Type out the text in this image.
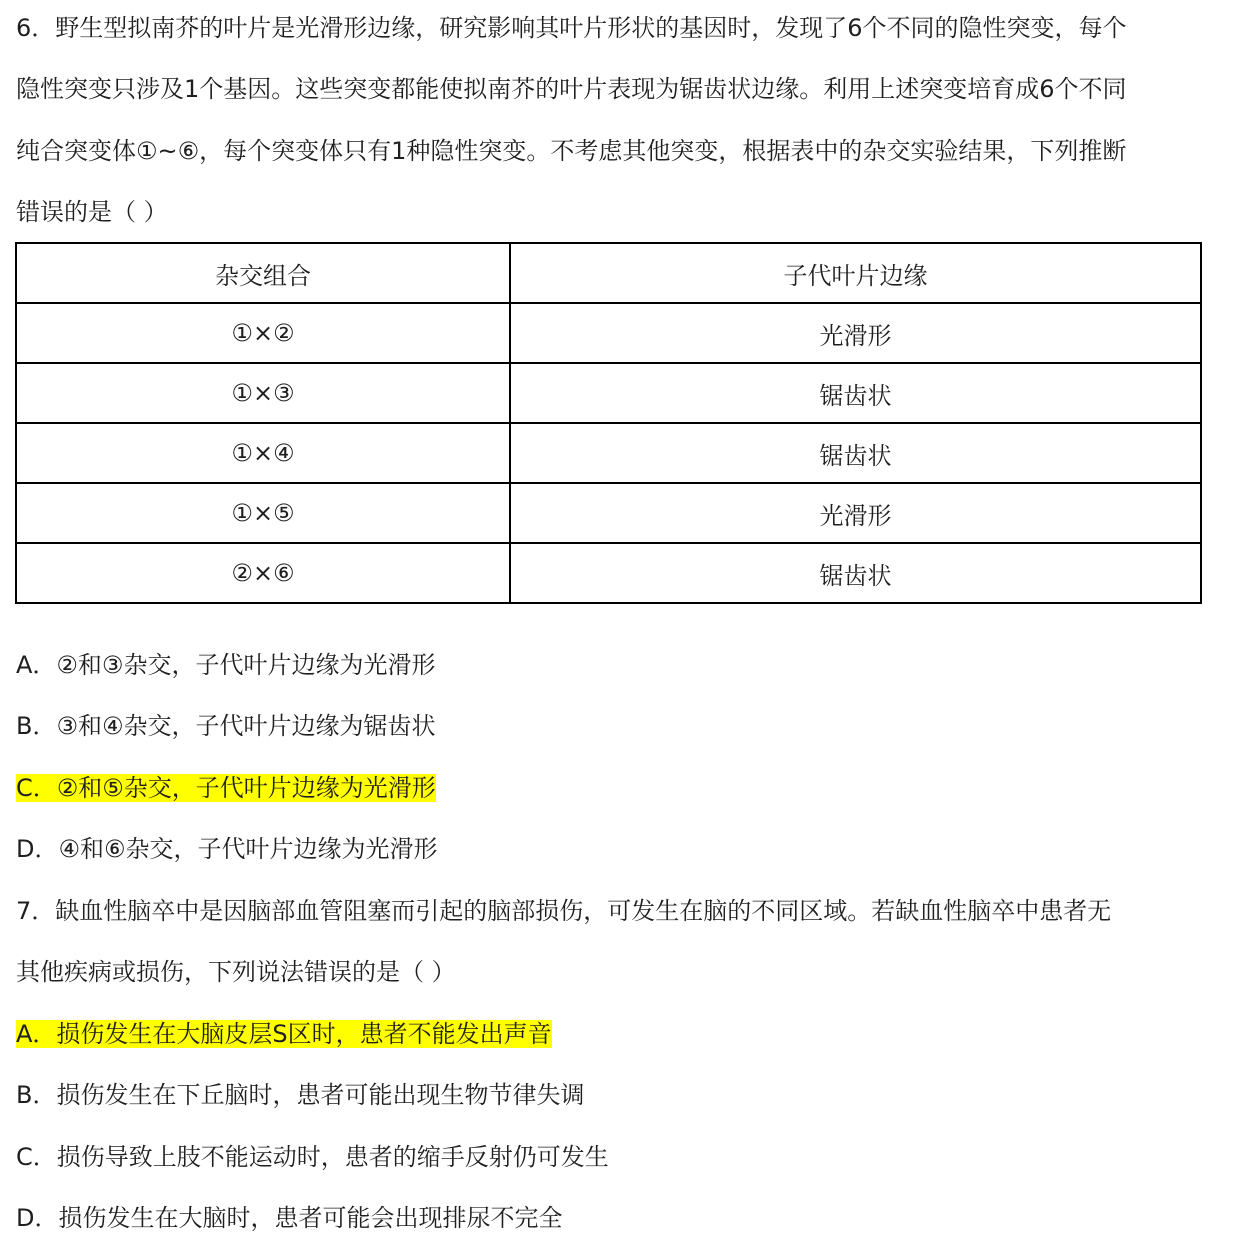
6．野生型拟南芥的叶片是光滑形边缘，研究影响其叶片形状的基因时，发现了6个不同的隐性突变，每个
隐性突变只涉及1个基因。这些突变都能使拟南芥的叶片表现为锯齿状边缘。利用上述突变培育成6个不同
纯合突变体①~⑥，每个突变体只有1种隐性突变。不考虑其他突变，根据表中的杂交实验结果，下列推断
错误的是（ ）
杂交组合	子代叶片边缘
①×②	光滑形
①×③	锯齿状
①×④	锯齿状
①×⑤	光滑形
②×⑥	锯齿状
A．②和③杂交，子代叶片边缘为光滑形
B．③和④杂交，子代叶片边缘为锯齿状
C．②和⑤杂交，子代叶片边缘为光滑形
D．④和⑥杂交，子代叶片边缘为光滑形
7．缺血性脑卒中是因脑部血管阻塞而引起的脑部损伤，可发生在脑的不同区域。若缺血性脑卒中患者无
其他疾病或损伤，下列说法错误的是（ ）
A．损伤发生在大脑皮层S区时，患者不能发出声音
B．损伤发生在下丘脑时，患者可能出现生物节律失调
C．损伤导致上肢不能运动时，患者的缩手反射仍可发生
D．损伤发生在大脑时，患者可能会出现排尿不完全
